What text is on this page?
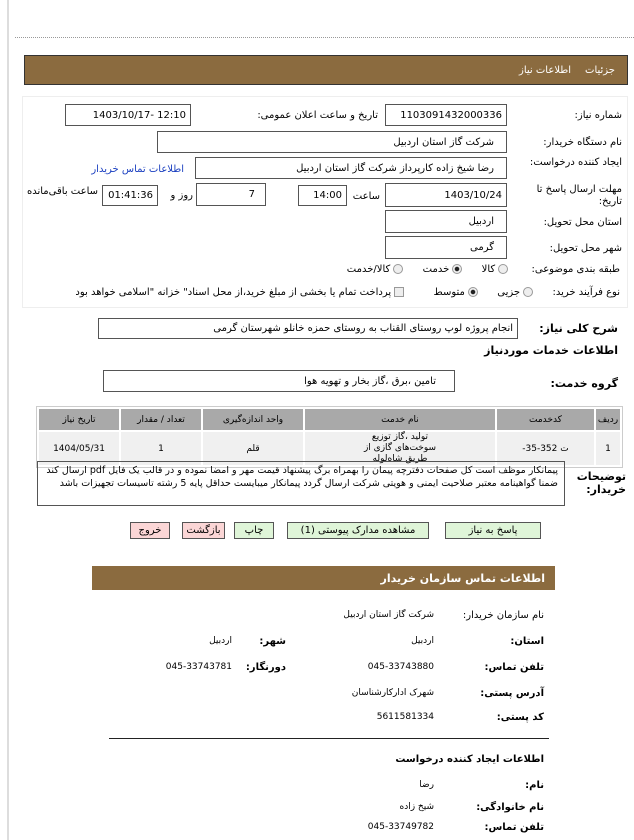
جزئیات
اطلاعات نیاز
شماره نیاز:
1103091432000336
تاریخ و ساعت اعلان عمومی:
1403/10/17- 12:10
نام دستگاه خریدار:
شرکت گاز استان اردبیل
ایجاد کننده درخواست:
رضا شیخ زاده کارپرداز شرکت گاز استان اردبیل
اطلاعات تماس خریدار
مهلت ارسال پاسخ تا تاریخ:
1403/10/24
ساعت
14:00
7
روز و
01:41:36
ساعت باقی‌مانده
استان محل تحویل:
اردبیل
شهر محل تحویل:
گرمی
طبقه بندی موضوعی:  کالا  خدمت  کالا/خدمت
نوع فرآیند خرید:  جزیی  متوسط  پرداخت تمام یا بخشی از مبلغ خرید،از محل اسناد" خزانه "اسلامی خواهد بود
شرح کلی نیاز:
انجام پروژه لوپ روستای القناب به روستای حمزه خانلو شهرستان گرمی
اطلاعات خدمات موردنیاز
گروه خدمت:
تامین ،برق ،گاز بخار و تهویه هوا
ردیف	کدخدمت	نام خدمت	واحد اندازه‌گیری	تعداد / مقدار	تاریخ نیاز
1	ت 352-35-	تولید ،گاز توزیع سوخت‌های گازی از طریق شاه‌لوله	قلم	1	1404/05/31
توضیحات خریدار:
پیمانکار موظف است کل صفحات دفترچه پیمان را بهمراه برگ پیشنهاد قیمت مهر و امضا نموده و در قالب یک فایل pdf ارسال کند ضمنا گواهینامه معتبر صلاحیت ایمنی و هویتی شرکت ارسال گردد پیمانکار میبایست حداقل پایه 5 رشته تاسیسات تجهیزات باشد
پاسخ به نیاز
مشاهده مدارک پیوستی (1)
چاپ
بازگشت
خروج
اطلاعات تماس سازمان خریدار
نام سازمان خریدار:
شرکت گاز استان اردبیل
استان:
اردبیل
شهر:
اردبیل
تلفن تماس:
045-33743880
دورنگار:
045-33743781
آدرس پستی:
شهرک ادارکارشناسان
کد پستی:
5611581334
اطلاعات ایجاد کننده درخواست
نام:
رضا
نام خانوادگی:
شیخ زاده
تلفن تماس:
045-33749782
